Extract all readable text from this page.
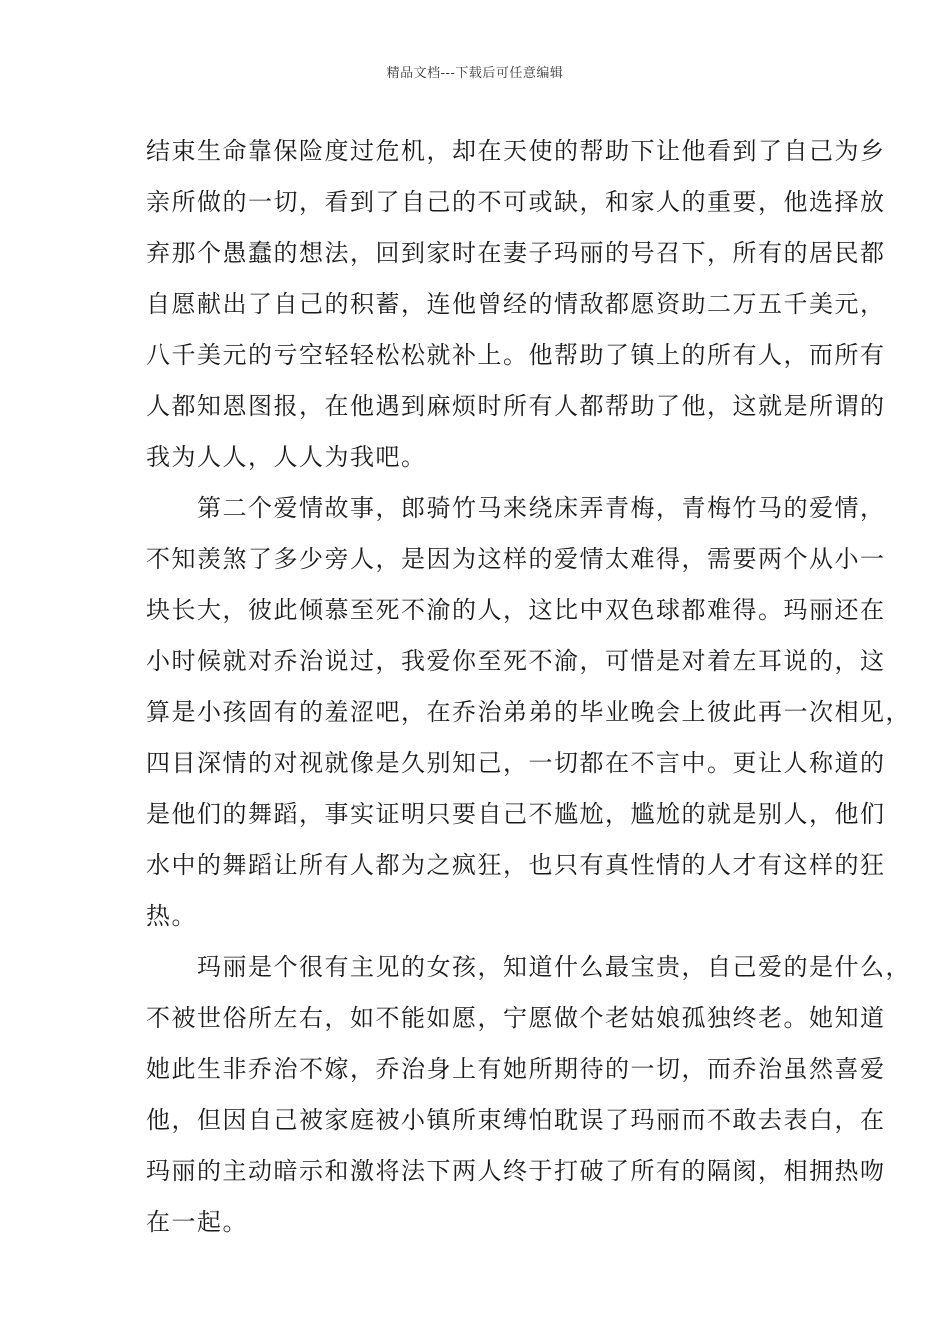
精品文档---下载后可任意编辑
结束生命靠保险度过危机，却在天使的帮助下让他看到了自己为乡
亲所做的一切，看到了自己的不可或缺，和家人的重要，他选择放
弃那个愚蠢的想法，回到家时在妻子玛丽的号召下，所有的居民都
自愿献出了自己的积蓄，连他曾经的情敌都愿资助二万五千美元，
八千美元的亏空轻轻松松就补上。他帮助了镇上的所有人，而所有
人都知恩图报，在他遇到麻烦时所有人都帮助了他，这就是所谓的
我为人人，人人为我吧。
　　第二个爱情故事，郎骑竹马来绕床弄青梅，青梅竹马的爱情，
不知羡煞了多少旁人，是因为这样的爱情太难得，需要两个从小一
块长大，彼此倾慕至死不渝的人，这比中双色球都难得。玛丽还在
小时候就对乔治说过，我爱你至死不渝，可惜是对着左耳说的，这
算是小孩固有的羞涩吧，在乔治弟弟的毕业晚会上彼此再一次相见，
四目深情的对视就像是久别知己，一切都在不言中。更让人称道的
是他们的舞蹈，事实证明只要自己不尴尬，尴尬的就是别人，他们
水中的舞蹈让所有人都为之疯狂，也只有真性情的人才有这样的狂
热。
　　玛丽是个很有主见的女孩，知道什么最宝贵，自己爱的是什么，
不被世俗所左右，如不能如愿，宁愿做个老姑娘孤独终老。她知道
她此生非乔治不嫁，乔治身上有她所期待的一切，而乔治虽然喜爱
他，但因自己被家庭被小镇所束缚怕耽误了玛丽而不敢去表白，在
玛丽的主动暗示和激将法下两人终于打破了所有的隔阂，相拥热吻
在一起。
